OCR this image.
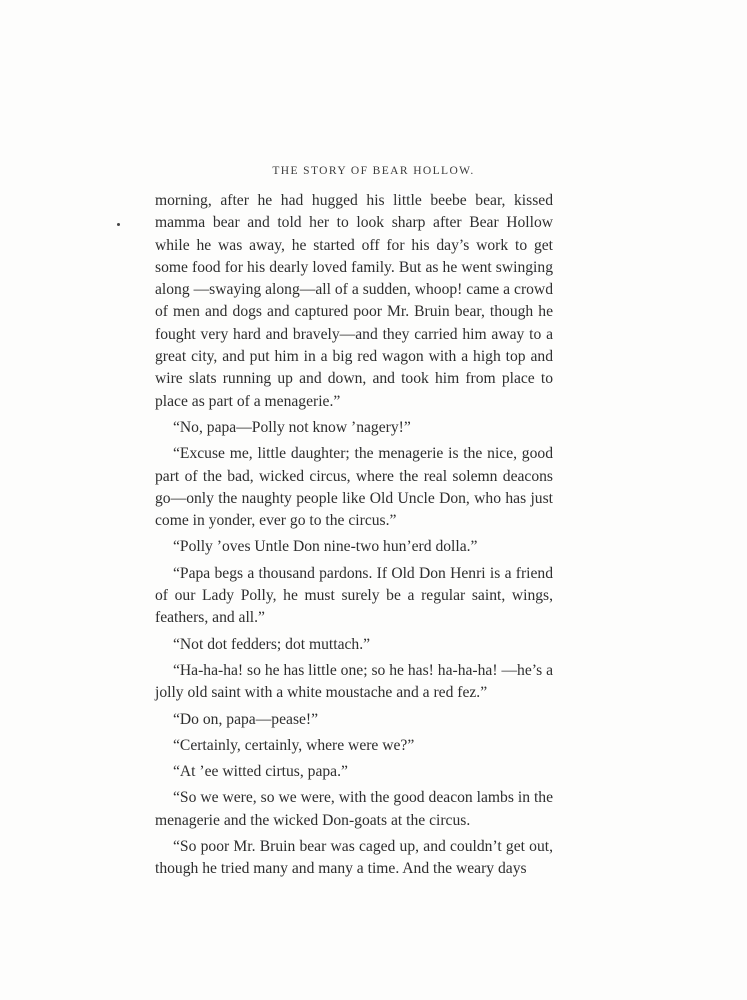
THE STORY OF BEAR HOLLOW.

morning, after he had hugged his little beebe bear, kissed mamma bear and told her to look sharp after Bear Hollow while he was away, he started off for his day’s work to get some food for his dearly loved family. But as he went swinging along —swaying along—all of a sudden, whoop! came a crowd of men and dogs and captured poor Mr. Bruin bear, though he fought very hard and bravely—and they carried him away to a great city, and put him in a big red wagon with a high top and wire slats running up and down, and took him from place to place as part of a menagerie.”

“No, papa—Polly not know ’nagery!”

“Excuse me, little daughter; the menagerie is the nice, good part of the bad, wicked circus, where the real solemn deacons go—only the naughty people like Old Uncle Don, who has just come in yonder, ever go to the circus.”

“Polly ’oves Untle Don nine-two hun’erd dolla.”

“Papa begs a thousand pardons. If Old Don Henri is a friend of our Lady Polly, he must surely be a regular saint, wings, feathers, and all.”

“Not dot fedders; dot muttach.”

“Ha-ha-ha! so he has little one; so he has! ha-ha-ha! —he’s a jolly old saint with a white moustache and a red fez.”

“Do on, papa—pease!”

“Certainly, certainly, where were we?”

“At ’ee witted cirtus, papa.”

“So we were, so we were, with the good deacon lambs in the menagerie and the wicked Don-goats at the circus.

“So poor Mr. Bruin bear was caged up, and couldn’t get out, though he tried many and many a time. And the weary days
